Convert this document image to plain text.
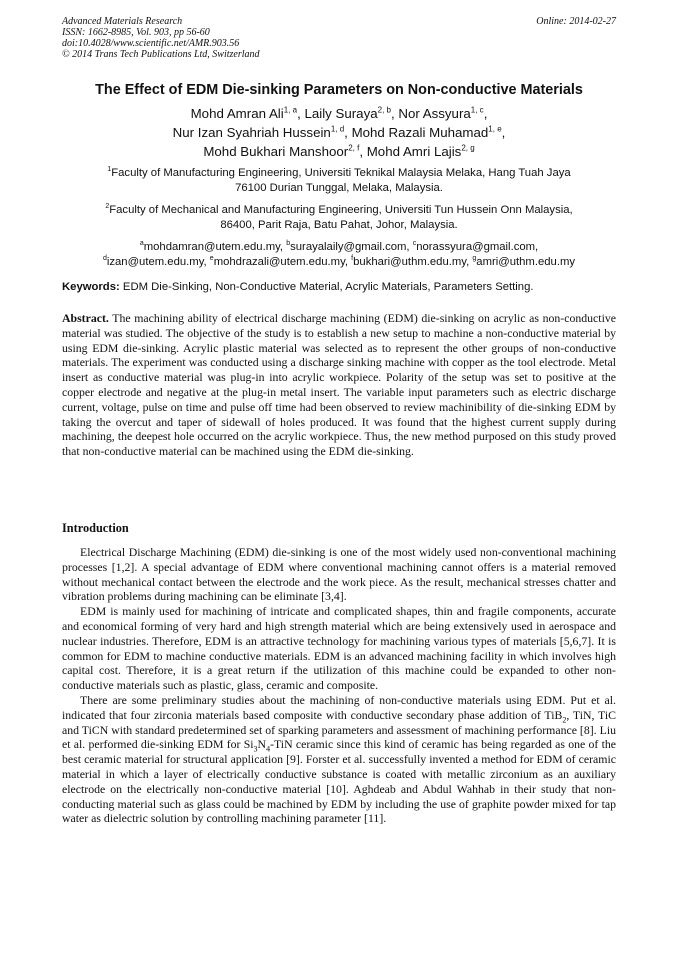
Advanced Materials Research
ISSN: 1662-8985, Vol. 903, pp 56-60
doi:10.4028/www.scientific.net/AMR.903.56
© 2014 Trans Tech Publications Ltd, Switzerland
Online: 2014-02-27
The Effect of EDM Die-sinking Parameters on Non-conductive Materials
Mohd Amran Ali$^{1, a}$, Laily Suraya$^{2, b}$, Nor Assyura$^{1, c}$,
Nur Izan Syahriah Hussein$^{1, d}$, Mohd Razali Muhamad$^{1, e}$,
Mohd Bukhari Manshoor$^{2, f}$, Mohd Amri Lajis$^{2, g}$
$^1$Faculty of Manufacturing Engineering, Universiti Teknikal Malaysia Melaka, Hang Tuah Jaya
76100 Durian Tunggal, Melaka, Malaysia.
$^2$Faculty of Mechanical and Manufacturing Engineering, Universiti Tun Hussein Onn Malaysia,
86400, Parit Raja, Batu Pahat, Johor, Malaysia.
$^a$mohdamran@utem.edu.my, $^b$surayalaily@gmail.com, $^c$norassyura@gmail.com,
$^d$izan@utem.edu.my, $^e$mohdrazali@utem.edu.my, $^f$bukhari@uthm.edu.my, $^g$amri@uthm.edu.my
Keywords: EDM Die-Sinking, Non-Conductive Material, Acrylic Materials, Parameters Setting.
Abstract. The machining ability of electrical discharge machining (EDM) die-sinking on acrylic as non-conductive material was studied. The objective of the study is to establish a new setup to machine a non-conductive material by using EDM die-sinking. Acrylic plastic material was selected as to represent the other groups of non-conductive materials. The experiment was conducted using a discharge sinking machine with copper as the tool electrode. Metal insert as conductive material was plug-in into acrylic workpiece. Polarity of the setup was set to positive at the copper electrode and negative at the plug-in metal insert. The variable input parameters such as electric discharge current, voltage, pulse on time and pulse off time had been observed to review machinibility of die-sinking EDM by taking the overcut and taper of sidewall of holes produced. It was found that the highest current supply during machining, the deepest hole occurred on the acrylic workpiece. Thus, the new method purposed on this study proved that non-conductive material can be machined using the EDM die-sinking.
Introduction

Electrical Discharge Machining (EDM) die-sinking is one of the most widely used non-conventional machining processes [1,2]. A special advantage of EDM where conventional machining cannot offers is a material removed without mechanical contact between the electrode and the work piece. As the result, mechanical stresses chatter and vibration problems during machining can be eliminate [3,4].

EDM is mainly used for machining of intricate and complicated shapes, thin and fragile components, accurate and economical forming of very hard and high strength material which are being extensively used in aerospace and nuclear industries. Therefore, EDM is an attractive technology for machining various types of materials [5,6,7]. It is common for EDM to machine conductive materials. EDM is an advanced machining facility in which involves high capital cost. Therefore, it is a great return if the utilization of this machine could be expanded to other non-conductive materials such as plastic, glass, ceramic and composite.

There are some preliminary studies about the machining of non-conductive materials using EDM. Put et al. indicated that four zirconia materials based composite with conductive secondary phase addition of TiB$_2$, TiN, TiC and TiCN with standard predetermined set of sparking parameters and assessment of machining performance [8]. Liu et al. performed die-sinking EDM for $Si_3N_4$-TiN ceramic since this kind of ceramic has being regarded as one of the best ceramic material for structural application [9]. Forster et al. successfully invented a method for EDM of ceramic material in which a layer of electrically conductive substance is coated with metallic zirconium as an auxiliary electrode on the electrically non-conductive material [10]. Aghdeab and Abdul Wahhab in their study that non-conducting material such as glass could be machined by EDM by including the use of graphite powder mixed for tap water as dielectric solution by controlling machining parameter [11].
